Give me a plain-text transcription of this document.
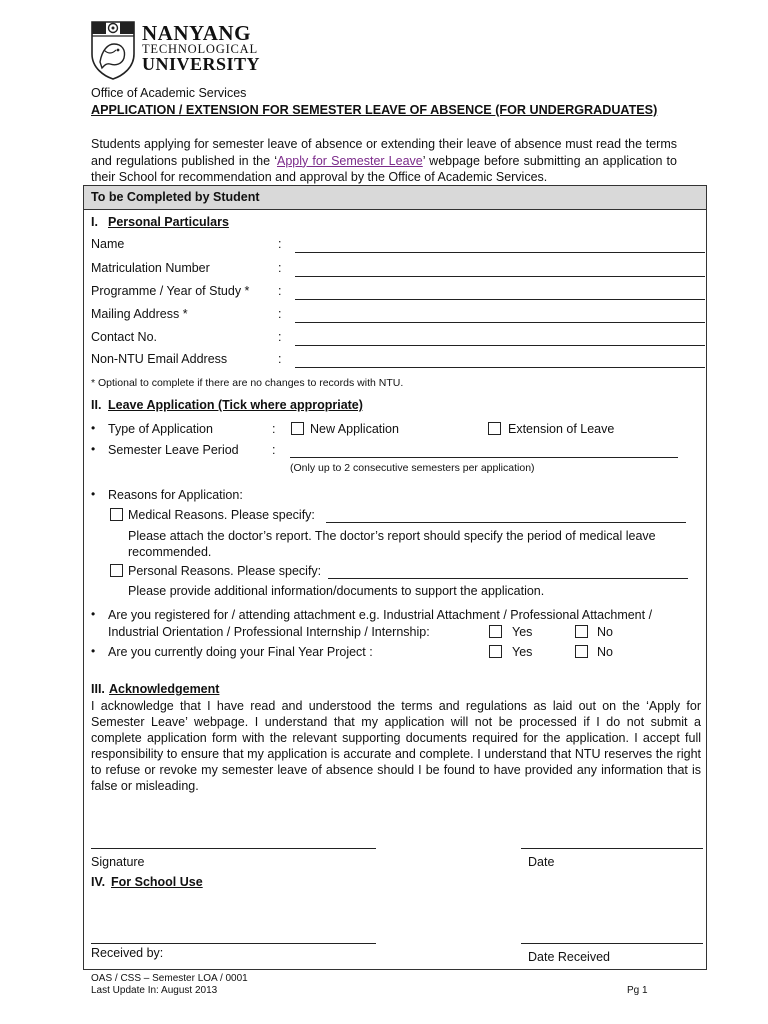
NANYANG
TECHNOLOGICAL
UNIVERSITY
Office of Academic Services
APPLICATION / EXTENSION FOR SEMESTER LEAVE OF ABSENCE (FOR UNDERGRADUATES)
Students applying for semester leave of absence or extending their leave of absence must read the terms and regulations published in the ‘Apply for Semester Leave’ webpage before submitting an application to their School for recommendation and approval by the Office of Academic Services.
To be Completed by Student
I. Personal Particulars
Name	:
Matriculation Number	:
Programme / Year of Study * :
Mailing Address *	:
Contact No.	:
Non-NTU Email Address	:
* Optional to complete if there are no changes to records with NTU.
II. Leave Application (Tick where appropriate)
• Type of Application	:	New Application	Extension of Leave
• Semester Leave Period	:
(Only up to 2 consecutive semesters per application)
• Reasons for Application:
Medical Reasons. Please specify:
Please attach the doctor’s report. The doctor’s report should specify the period of medical leave recommended.
Personal Reasons. Please specify:
Please provide additional information/documents to support the application.
• Are you registered for / attending attachment e.g. Industrial Attachment / Professional Attachment /
Industrial Orientation / Professional Internship / Internship:	Yes	No
• Are you currently doing your Final Year Project :	Yes	No
III. Acknowledgement
I acknowledge that I have read and understood the terms and regulations as laid out on the ‘Apply for Semester Leave’ webpage. I understand that my application will not be processed if I do not submit a complete application form with the relevant supporting documents required for the application. I accept full responsibility to ensure that my application is accurate and complete. I understand that NTU reserves the right to refuse or revoke my semester leave of absence should I be found to have provided any information that is false or misleading.
Signature	Date
IV. For School Use
Received by:	Date Received
OAS / CSS – Semester LOA / 0001
Last Update In: August 2013	Pg 1
